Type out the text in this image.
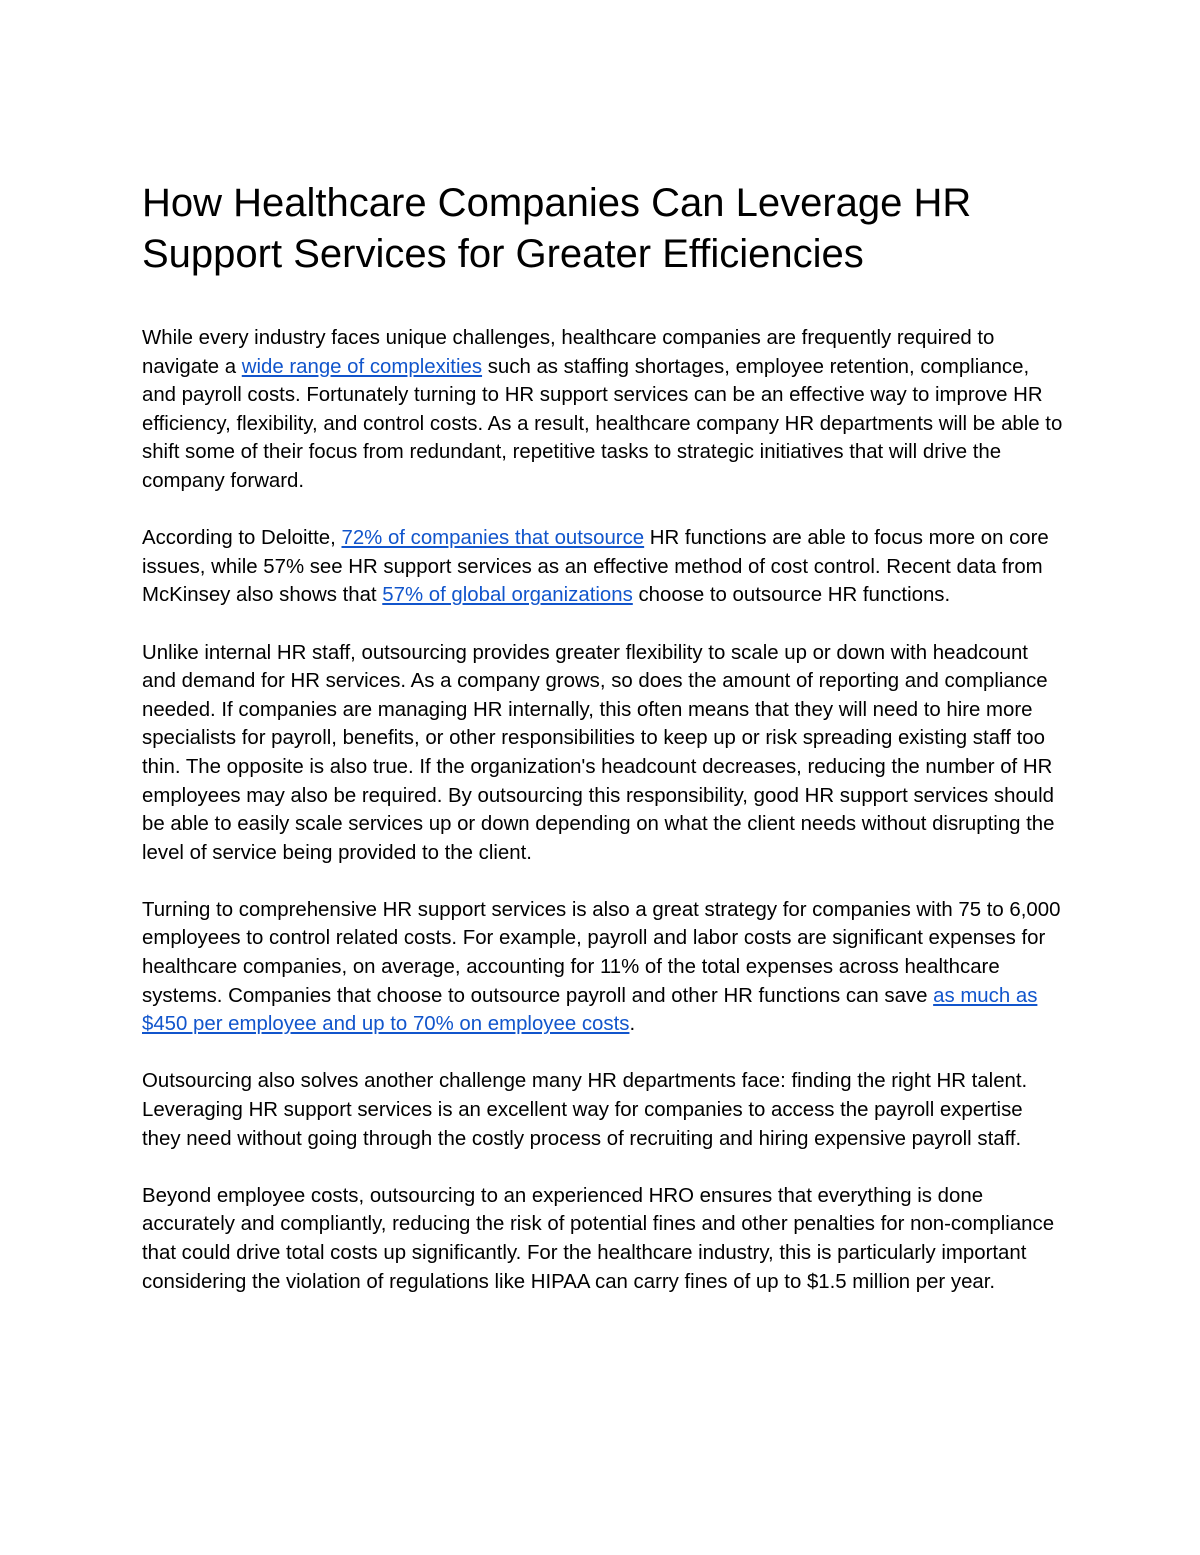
How Healthcare Companies Can Leverage HR Support Services for Greater Efficiencies

While every industry faces unique challenges, healthcare companies are frequently required to navigate a wide range of complexities such as staffing shortages, employee retention, compliance, and payroll costs. Fortunately turning to HR support services can be an effective way to improve HR efficiency, flexibility, and control costs. As a result, healthcare company HR departments will be able to shift some of their focus from redundant, repetitive tasks to strategic initiatives that will drive the company forward.

According to Deloitte, 72% of companies that outsource HR functions are able to focus more on core issues, while 57% see HR support services as an effective method of cost control. Recent data from McKinsey also shows that 57% of global organizations choose to outsource HR functions.

Unlike internal HR staff, outsourcing provides greater flexibility to scale up or down with headcount and demand for HR services. As a company grows, so does the amount of reporting and compliance needed. If companies are managing HR internally, this often means that they will need to hire more specialists for payroll, benefits, or other responsibilities to keep up or risk spreading existing staff too thin. The opposite is also true. If the organization's headcount decreases, reducing the number of HR employees may also be required. By outsourcing this responsibility, good HR support services should be able to easily scale services up or down depending on what the client needs without disrupting the level of service being provided to the client.

Turning to comprehensive HR support services is also a great strategy for companies with 75 to 6,000 employees to control related costs. For example, payroll and labor costs are significant expenses for healthcare companies, on average, accounting for 11% of the total expenses across healthcare systems. Companies that choose to outsource payroll and other HR functions can save as much as $450 per employee and up to 70% on employee costs.

Outsourcing also solves another challenge many HR departments face: finding the right HR talent. Leveraging HR support services is an excellent way for companies to access the payroll expertise they need without going through the costly process of recruiting and hiring expensive payroll staff.

Beyond employee costs, outsourcing to an experienced HRO ensures that everything is done accurately and compliantly, reducing the risk of potential fines and other penalties for non-compliance that could drive total costs up significantly. For the healthcare industry, this is particularly important considering the violation of regulations like HIPAA can carry fines of up to $1.5 million per year.
